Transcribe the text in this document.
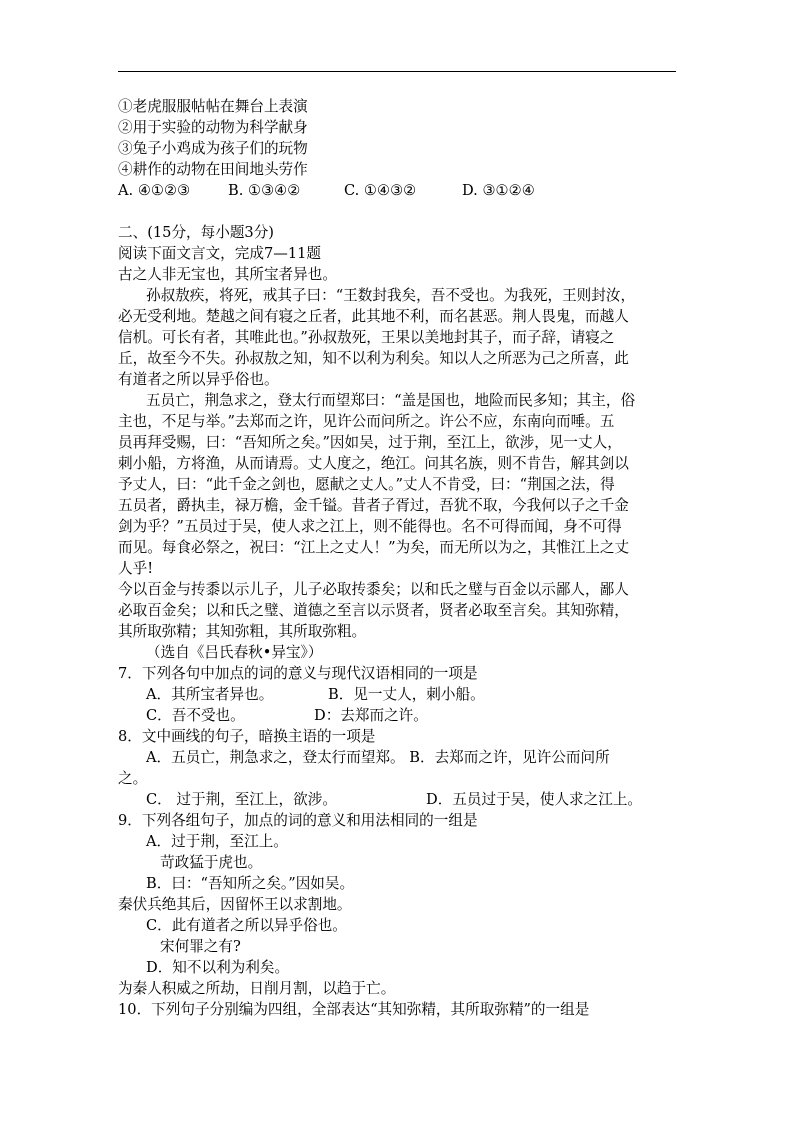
①老虎服服帖帖在舞台上表演
②用于实验的动物为科学献身
③兔子小鸡成为孩子们的玩物
④耕作的动物在田间地头劳作
A. ④①②③	B. ①③④②	C. ①④③②	D. ③①②④
二、(15分，每小题3分)
阅读下面文言文，完成7—11题
古之人非无宝也，其所宝者异也。
孙叔敖疾，将死，戒其子曰：“王数封我矣，吾不受也。为我死，王则封汝，
必无受利地。楚越之间有寝之丘者，此其地不利，而名甚恶。荆人畏鬼，而越人
信机。可长有者，其唯此也。”孙叔敖死，王果以美地封其子，而子辞，请寝之
丘，故至今不失。孙叔敖之知，知不以利为利矣。知以人之所恶为己之所喜，此
有道者之所以异乎俗也。
五员亡，荆急求之，登太行而望郑曰：“盖是国也，地险而民多知；其主，俗
主也，不足与举。”去郑而之许，见许公而问所之。许公不应，东南向而唾。五
员再拜受赐，曰：“吾知所之矣。”因如吴，过于荆，至江上，欲涉，见一丈人，
刺小船，方将渔，从而请焉。丈人度之，绝江。问其名族，则不肯告，解其剑以
予丈人，曰：“此千金之剑也，愿献之丈人。”丈人不肯受，曰：“荆国之法，得
五员者，爵执圭，禄万檐，金千镒。昔者子胥过，吾犹不取，今我何以子之千金
剑为乎？”五员过于吴，使人求之江上，则不能得也。名不可得而闻，身不可得
而见。每食必祭之，祝曰：“江上之丈人！”为矣，而无所以为之，其惟江上之丈
人乎!
今以百金与抟黍以示儿子，儿子必取抟黍矣；以和氏之璧与百金以示鄙人，鄙人
必取百金矣；以和氏之璧、道德之至言以示贤者，贤者必取至言矣。其知弥精，
其所取弥精；其知弥粗，其所取弥粗。
（选自《吕氏春秋•异宝》）
7．下列各句中加点的词的意义与现代汉语相同的一项是
A．其所宝者异也。	B．见一丈人，刺小船。
C．吾不受也。	D：去郑而之许。
8．文中画线的句子，暗换主语的一项是
A．五员亡，荆急求之，登太行而望郑。 B．去郑而之许，见许公而问所
之。
C． 过于荆，至江上，欲涉。	D．五员过于吴，使人求之江上。
9．下列各组句子，加点的词的意义和用法相同的一组是
A．过于荆，至江上。
苛政猛于虎也。
B．曰：“吾知所之矣。”因如吴。
秦伏兵绝其后，因留怀王以求割地。
C．此有道者之所以异乎俗也。
宋何罪之有?
D．知不以利为利矣。
为秦人积威之所劫，日削月割，以趋于亡。
10．下列句子分别编为四组，全部表达“其知弥精，其所取弥精”的一组是
